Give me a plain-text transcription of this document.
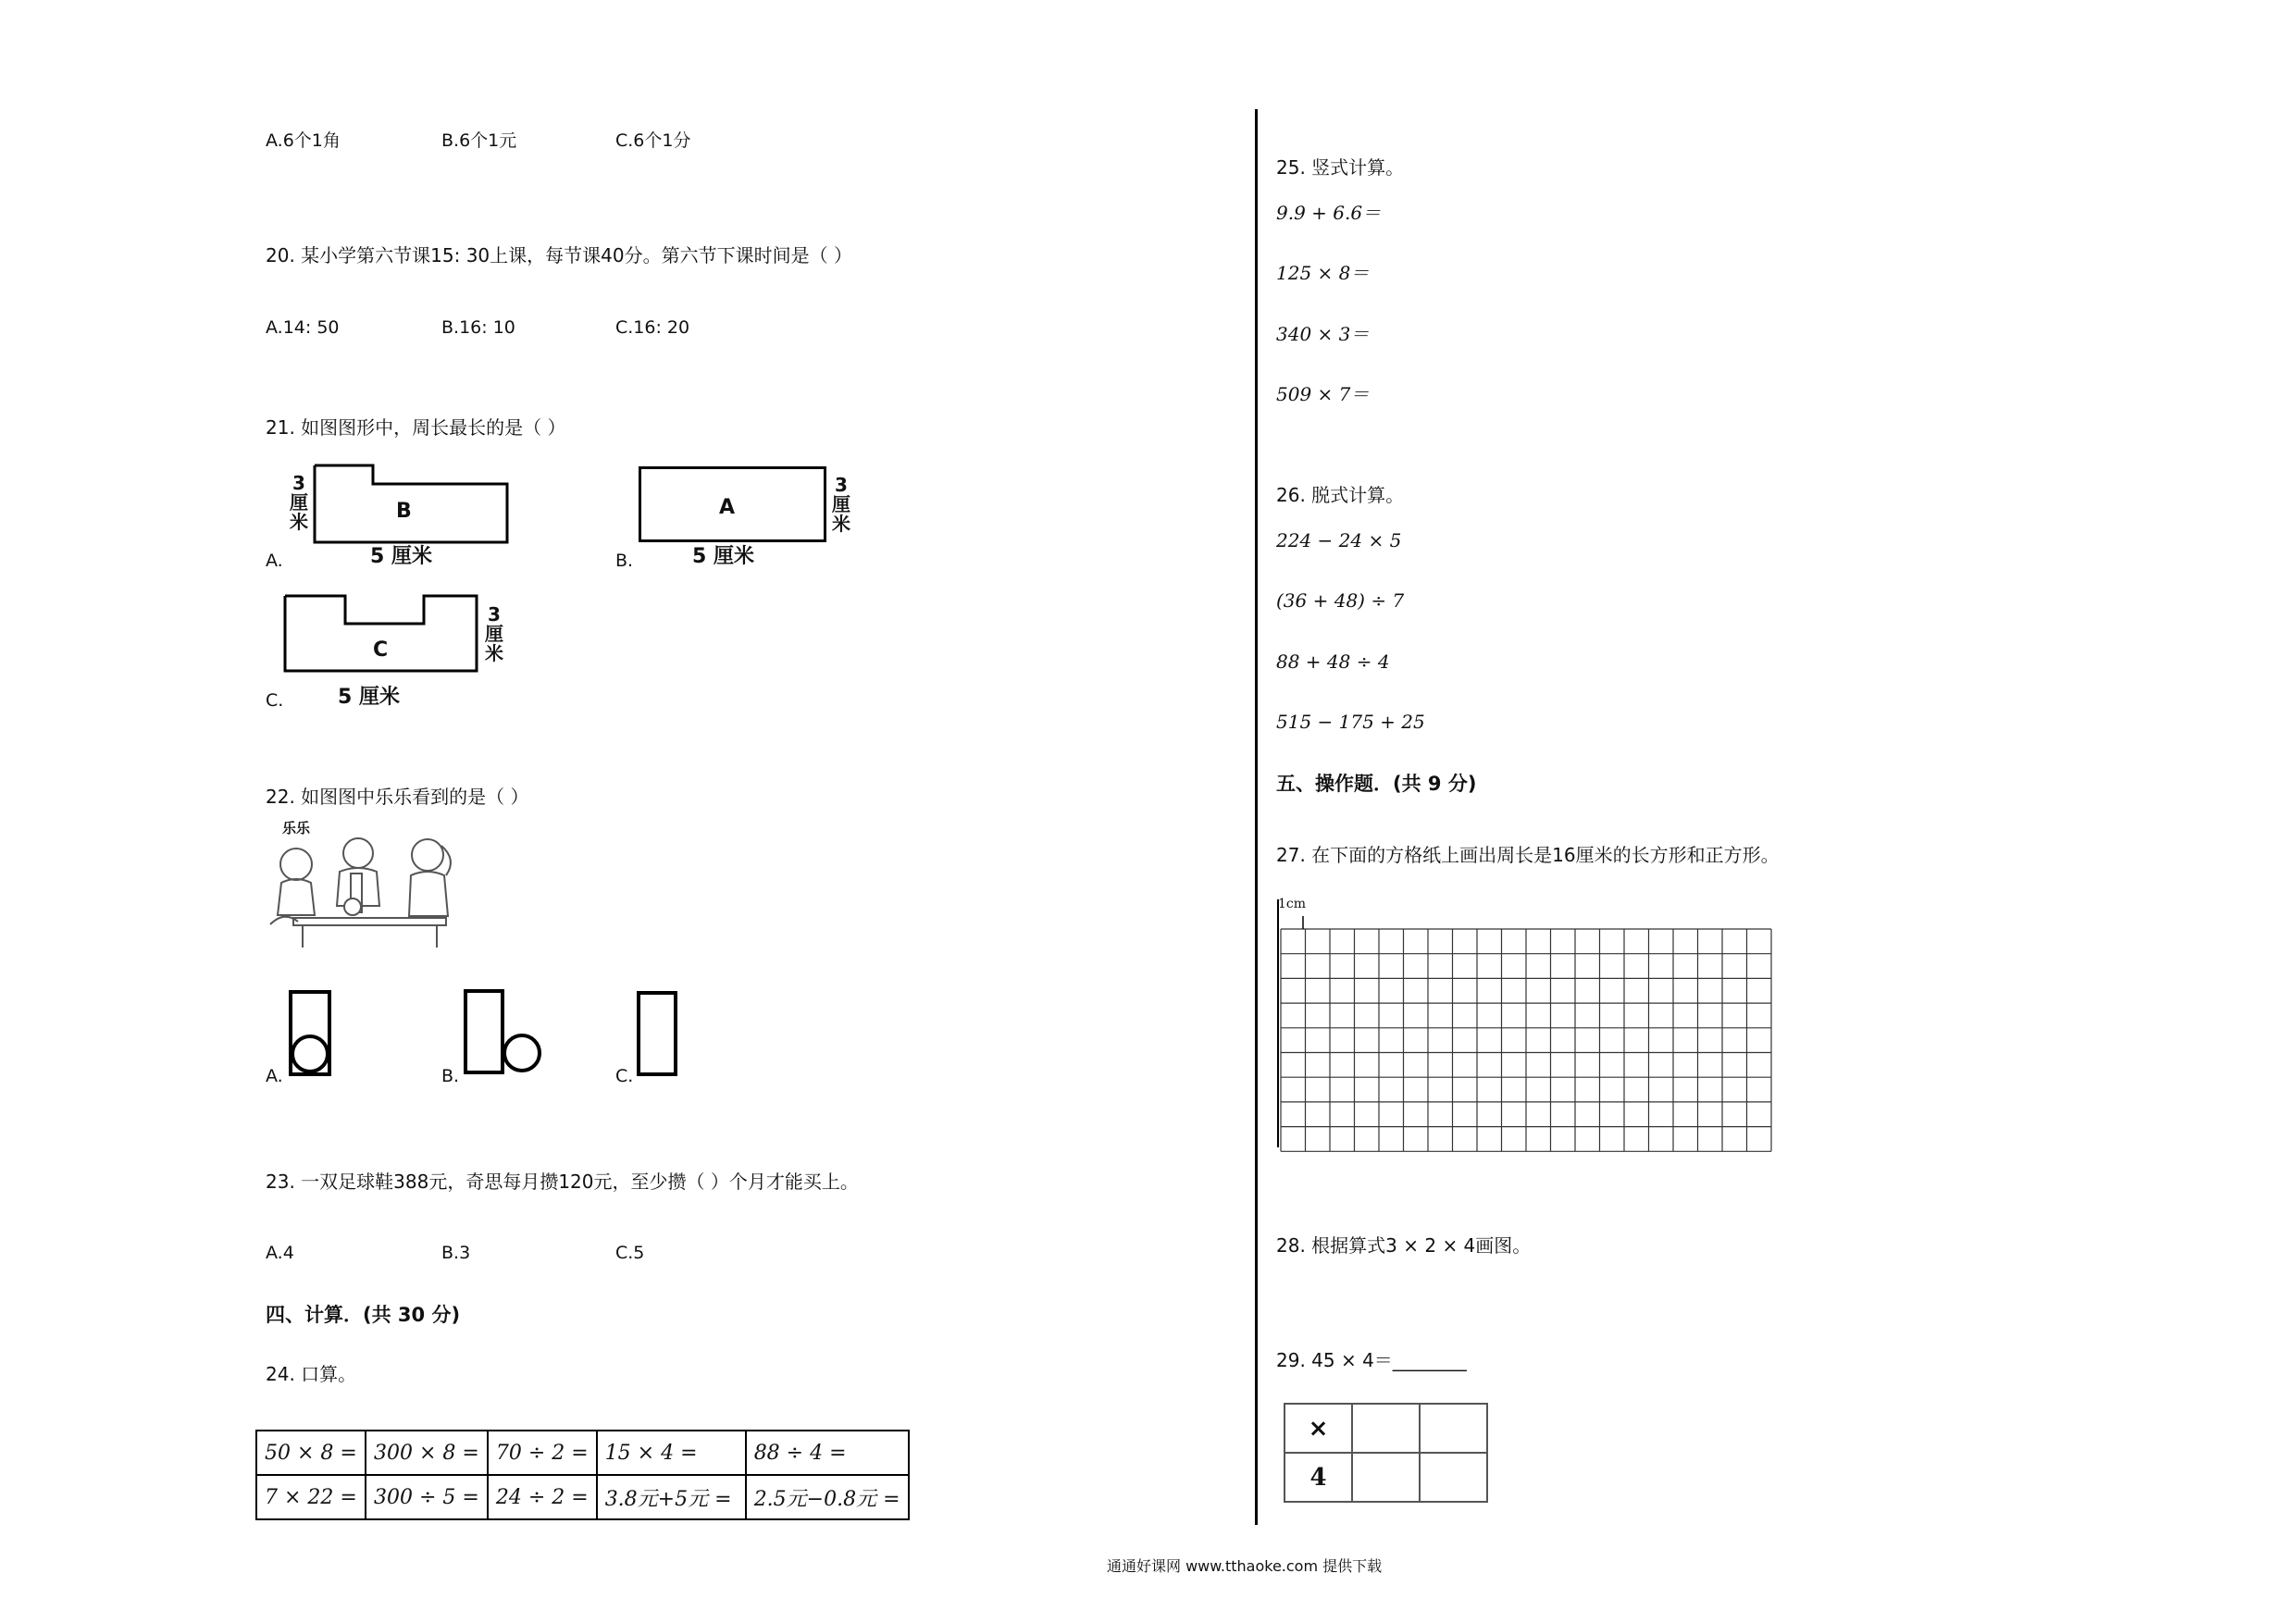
A.6个1角	B.6个1元	C.6个1分
20. 某小学第六节课15: 30上课，每节课40分。第六节下课时间是（ ）
A.14: 50	B.16: 10	C.16: 20
21. 如图图形中，周长最长的是（ ）
B
5 厘米
3厘米
A.
A
5 厘米
3厘米
B.
C
5 厘米
3厘米
C.
22. 如图图中乐乐看到的是（ ）
乐乐
A.	B.	C.
23. 一双足球鞋388元，奇思每月攒120元，至少攒（ ）个月才能买上。
A.4	B.3	C.5
四、计算．(共 30 分)
24. 口算。
50 × 8 =	300 × 8 =	70 ÷ 2 =	15 × 4 =	88 ÷ 4 =
7 × 22 =	300 ÷ 5 =	24 ÷ 2 =	3.8元+5元 =	2.5元−0.8元 =
25. 竖式计算。
9.9 + 6.6＝
125 × 8＝
340 × 3＝
509 × 7＝
26. 脱式计算。
224 − 24 × 5
(36 + 48) ÷ 7
88 + 48 ÷ 4
515 − 175 + 25
五、操作题．(共 9 分)
27. 在下面的方格纸上画出周长是16厘米的长方形和正方形。
1cm
28. 根据算式3 × 2 × 4画图。
29. 45 × 4＝________
×		
4		
通通好课网 www.tthaoke.com 提供下载
